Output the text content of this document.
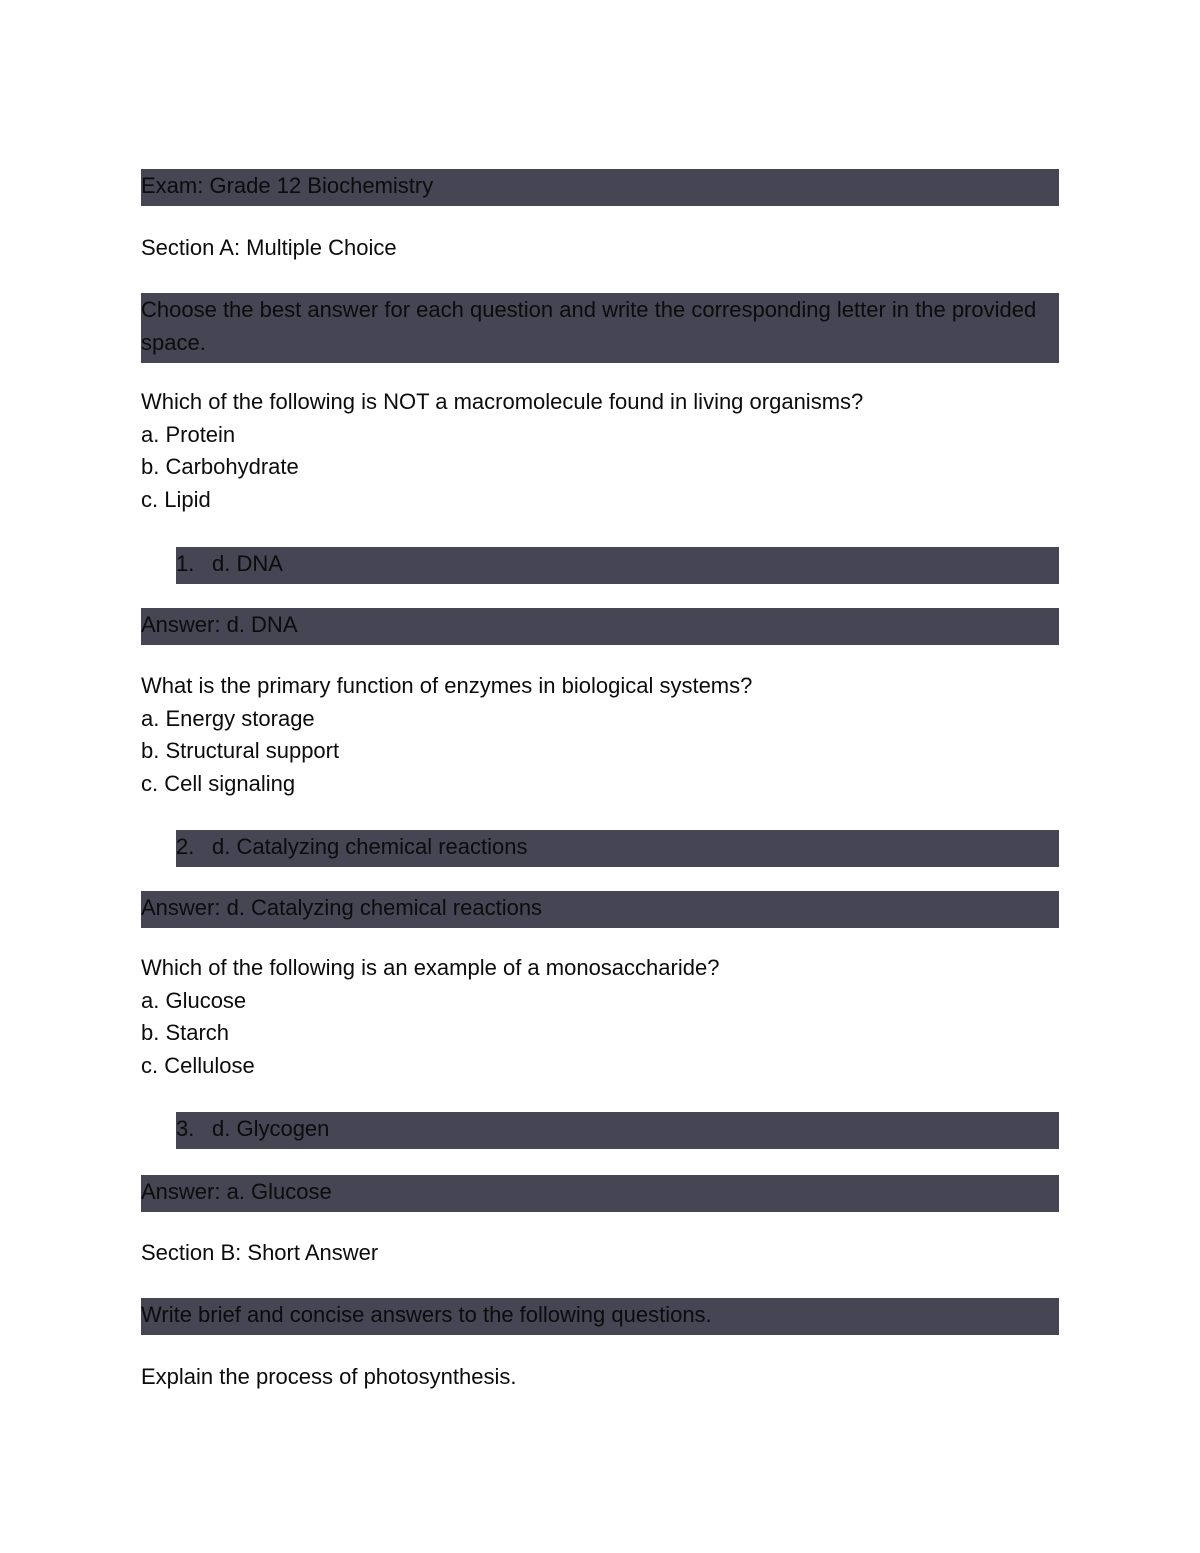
Exam: Grade 12 Biochemistry
Section A: Multiple Choice
Choose the best answer for each question and write the corresponding letter in the provided space.
Which of the following is NOT a macromolecule found in living organisms?
a. Protein
b. Carbohydrate
c. Lipid
1. d. DNA
Answer: d. DNA
What is the primary function of enzymes in biological systems?
a. Energy storage
b. Structural support
c. Cell signaling
2. d. Catalyzing chemical reactions
Answer: d. Catalyzing chemical reactions
Which of the following is an example of a monosaccharide?
a. Glucose
b. Starch
c. Cellulose
3. d. Glycogen
Answer: a. Glucose
Section B: Short Answer
Write brief and concise answers to the following questions.
Explain the process of photosynthesis.
